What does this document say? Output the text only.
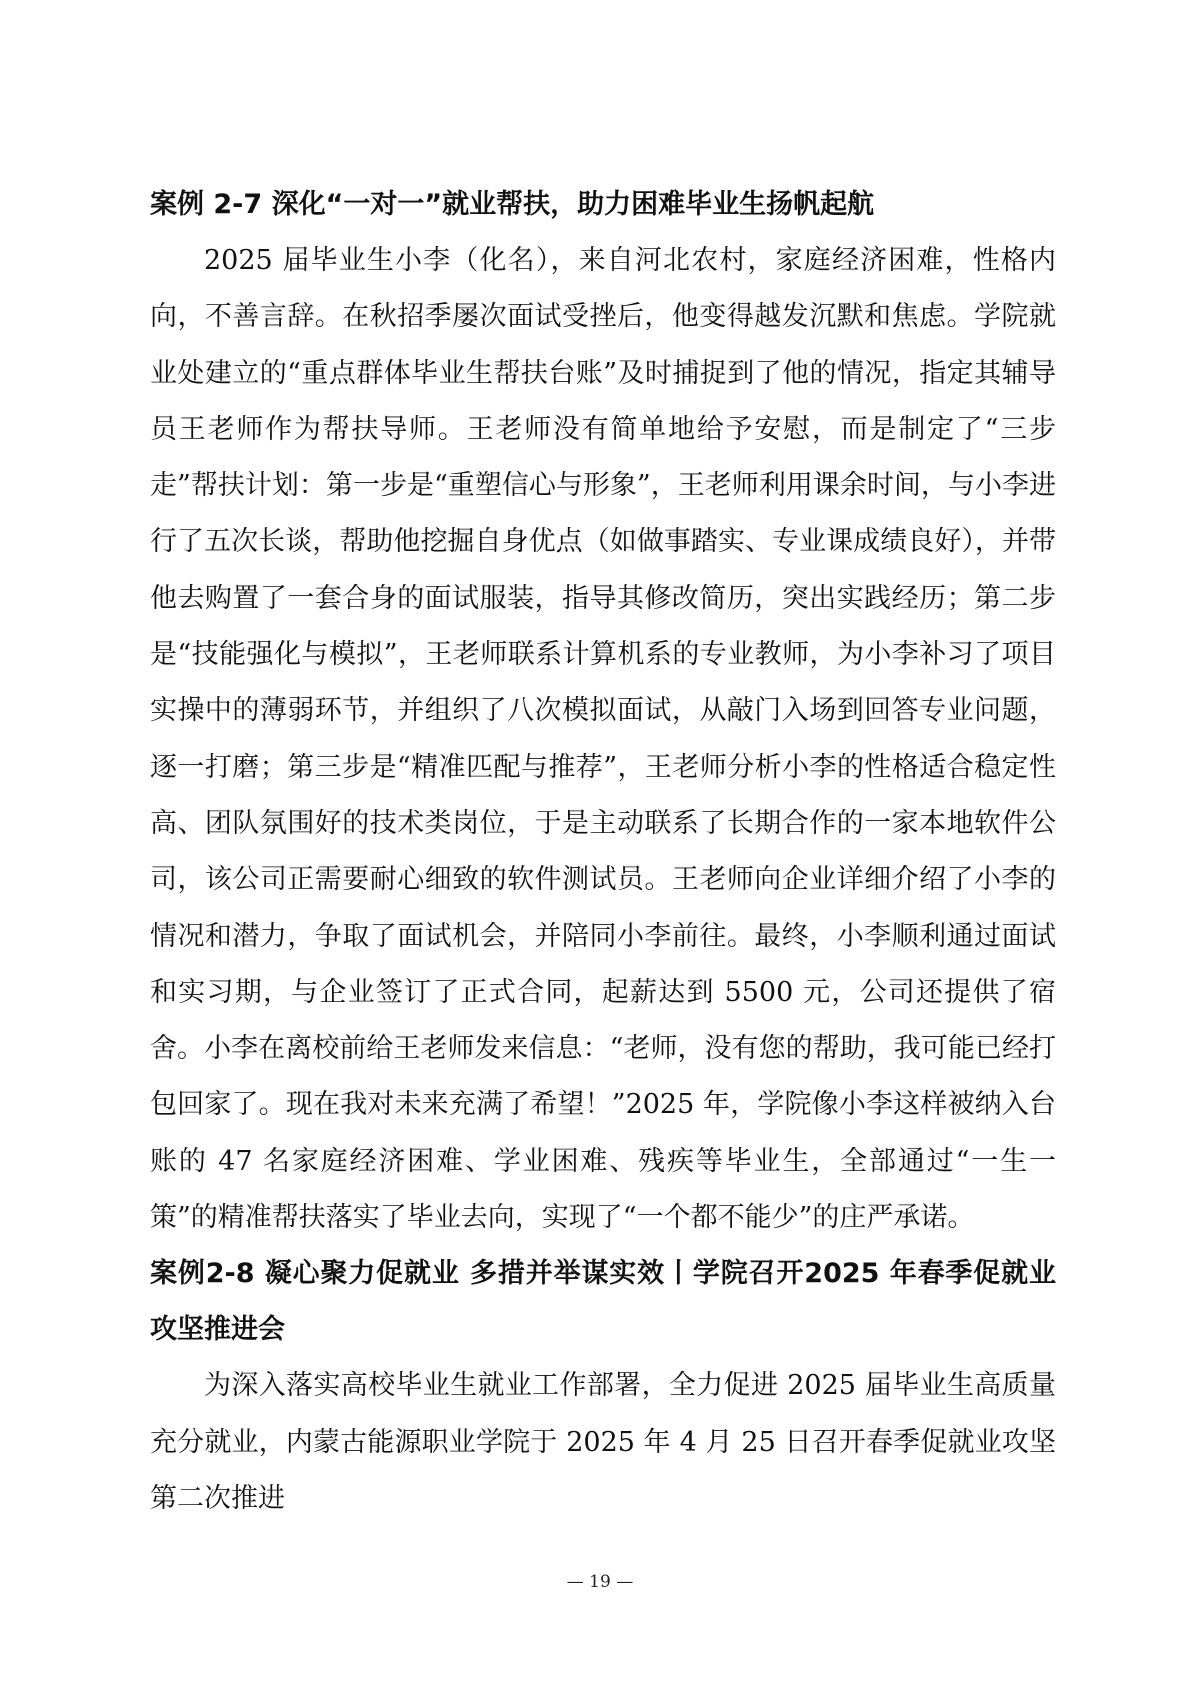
案例 2-7 深化“一对一”就业帮扶，助力困难毕业生扬帆起航

2025 届毕业生小李（化名），来自河北农村，家庭经济困难，性格内向，不善言辞。在秋招季屡次面试受挫后，他变得越发沉默和焦虑。学院就业处建立的“重点群体毕业生帮扶台账”及时捕捉到了他的情况，指定其辅导员王老师作为帮扶导师。王老师没有简单地给予安慰，而是制定了“三步走”帮扶计划：第一步是“重塑信心与形象”，王老师利用课余时间，与小李进行了五次长谈，帮助他挖掘自身优点（如做事踏实、专业课成绩良好），并带他去购置了一套合身的面试服装，指导其修改简历，突出实践经历；第二步是“技能强化与模拟”，王老师联系计算机系的专业教师，为小李补习了项目实操中的薄弱环节，并组织了八次模拟面试，从敲门入场到回答专业问题，逐一打磨；第三步是“精准匹配与推荐”，王老师分析小李的性格适合稳定性高、团队氛围好的技术类岗位，于是主动联系了长期合作的一家本地软件公司，该公司正需要耐心细致的软件测试员。王老师向企业详细介绍了小李的情况和潜力，争取了面试机会，并陪同小李前往。最终，小李顺利通过面试和实习期，与企业签订了正式合同，起薪达到 5500 元，公司还提供了宿舍。小李在离校前给王老师发来信息：“老师，没有您的帮助，我可能已经打包回家了。现在我对未来充满了希望！”2025 年，学院像小李这样被纳入台账的 47 名家庭经济困难、学业困难、残疾等毕业生，全部通过“一生一策”的精准帮扶落实了毕业去向，实现了“一个都不能少”的庄严承诺。

案例2-8 凝心聚力促就业 多措并举谋实效丨学院召开2025 年春季促就业攻坚推进会

为深入落实高校毕业生就业工作部署，全力促进 2025 届毕业生高质量充分就业，内蒙古能源职业学院于 2025 年 4 月 25 日召开春季促就业攻坚第二次推进

— 19 —
